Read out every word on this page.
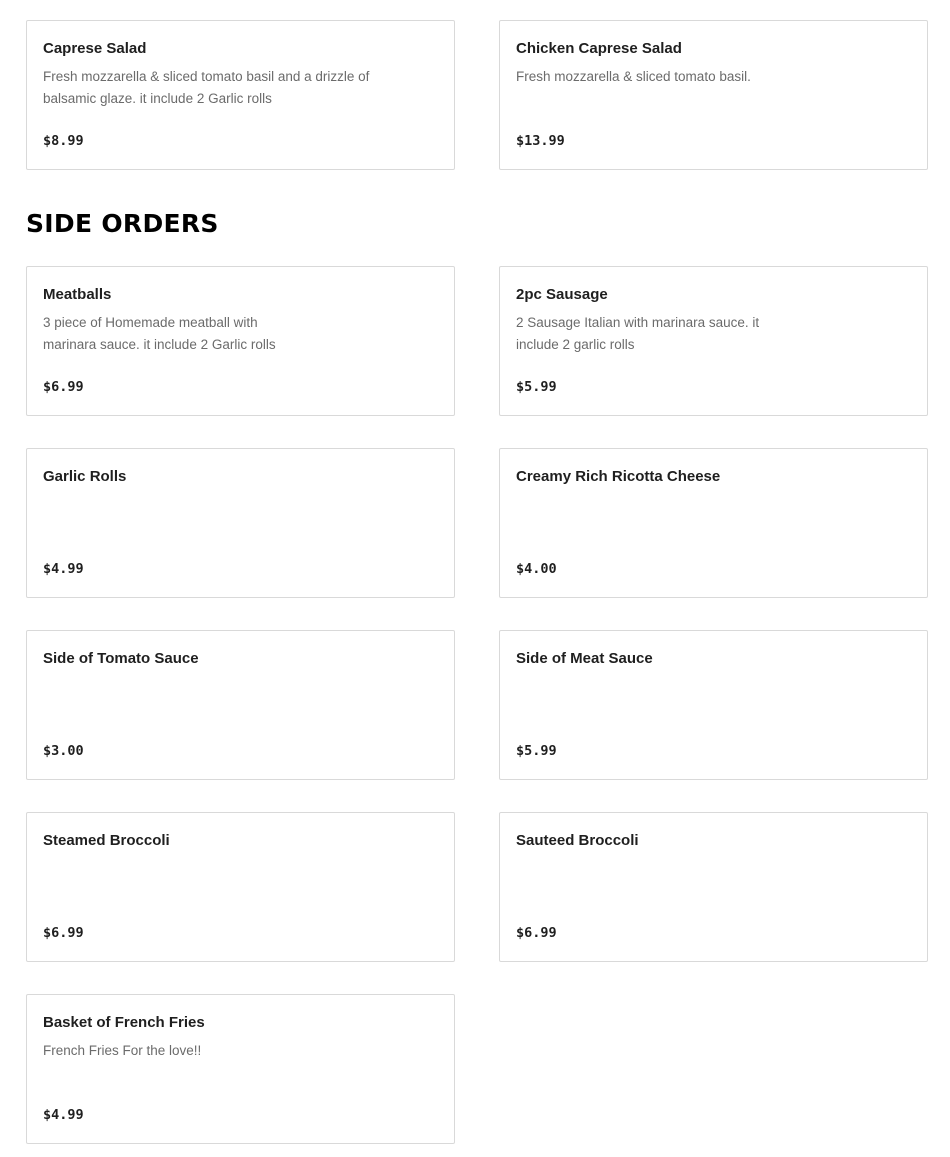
Caprese Salad
Fresh mozzarella & sliced tomato basil and a drizzle of balsamic glaze. it include 2 Garlic rolls
$8.99
Chicken Caprese Salad
Fresh mozzarella & sliced tomato basil.
$13.99
SIDE ORDERS
Meatballs
3 piece of Homemade meatball with marinara sauce. it include 2 Garlic rolls
$6.99
2pc Sausage
2 Sausage Italian with marinara sauce. it include 2 garlic rolls
$5.99
Garlic Rolls
$4.99
Creamy Rich Ricotta Cheese
$4.00
Side of Tomato Sauce
$3.00
Side of Meat Sauce
$5.99
Steamed Broccoli
$6.99
Sauteed Broccoli
$6.99
Basket of French Fries
French Fries For the love!!
$4.99
